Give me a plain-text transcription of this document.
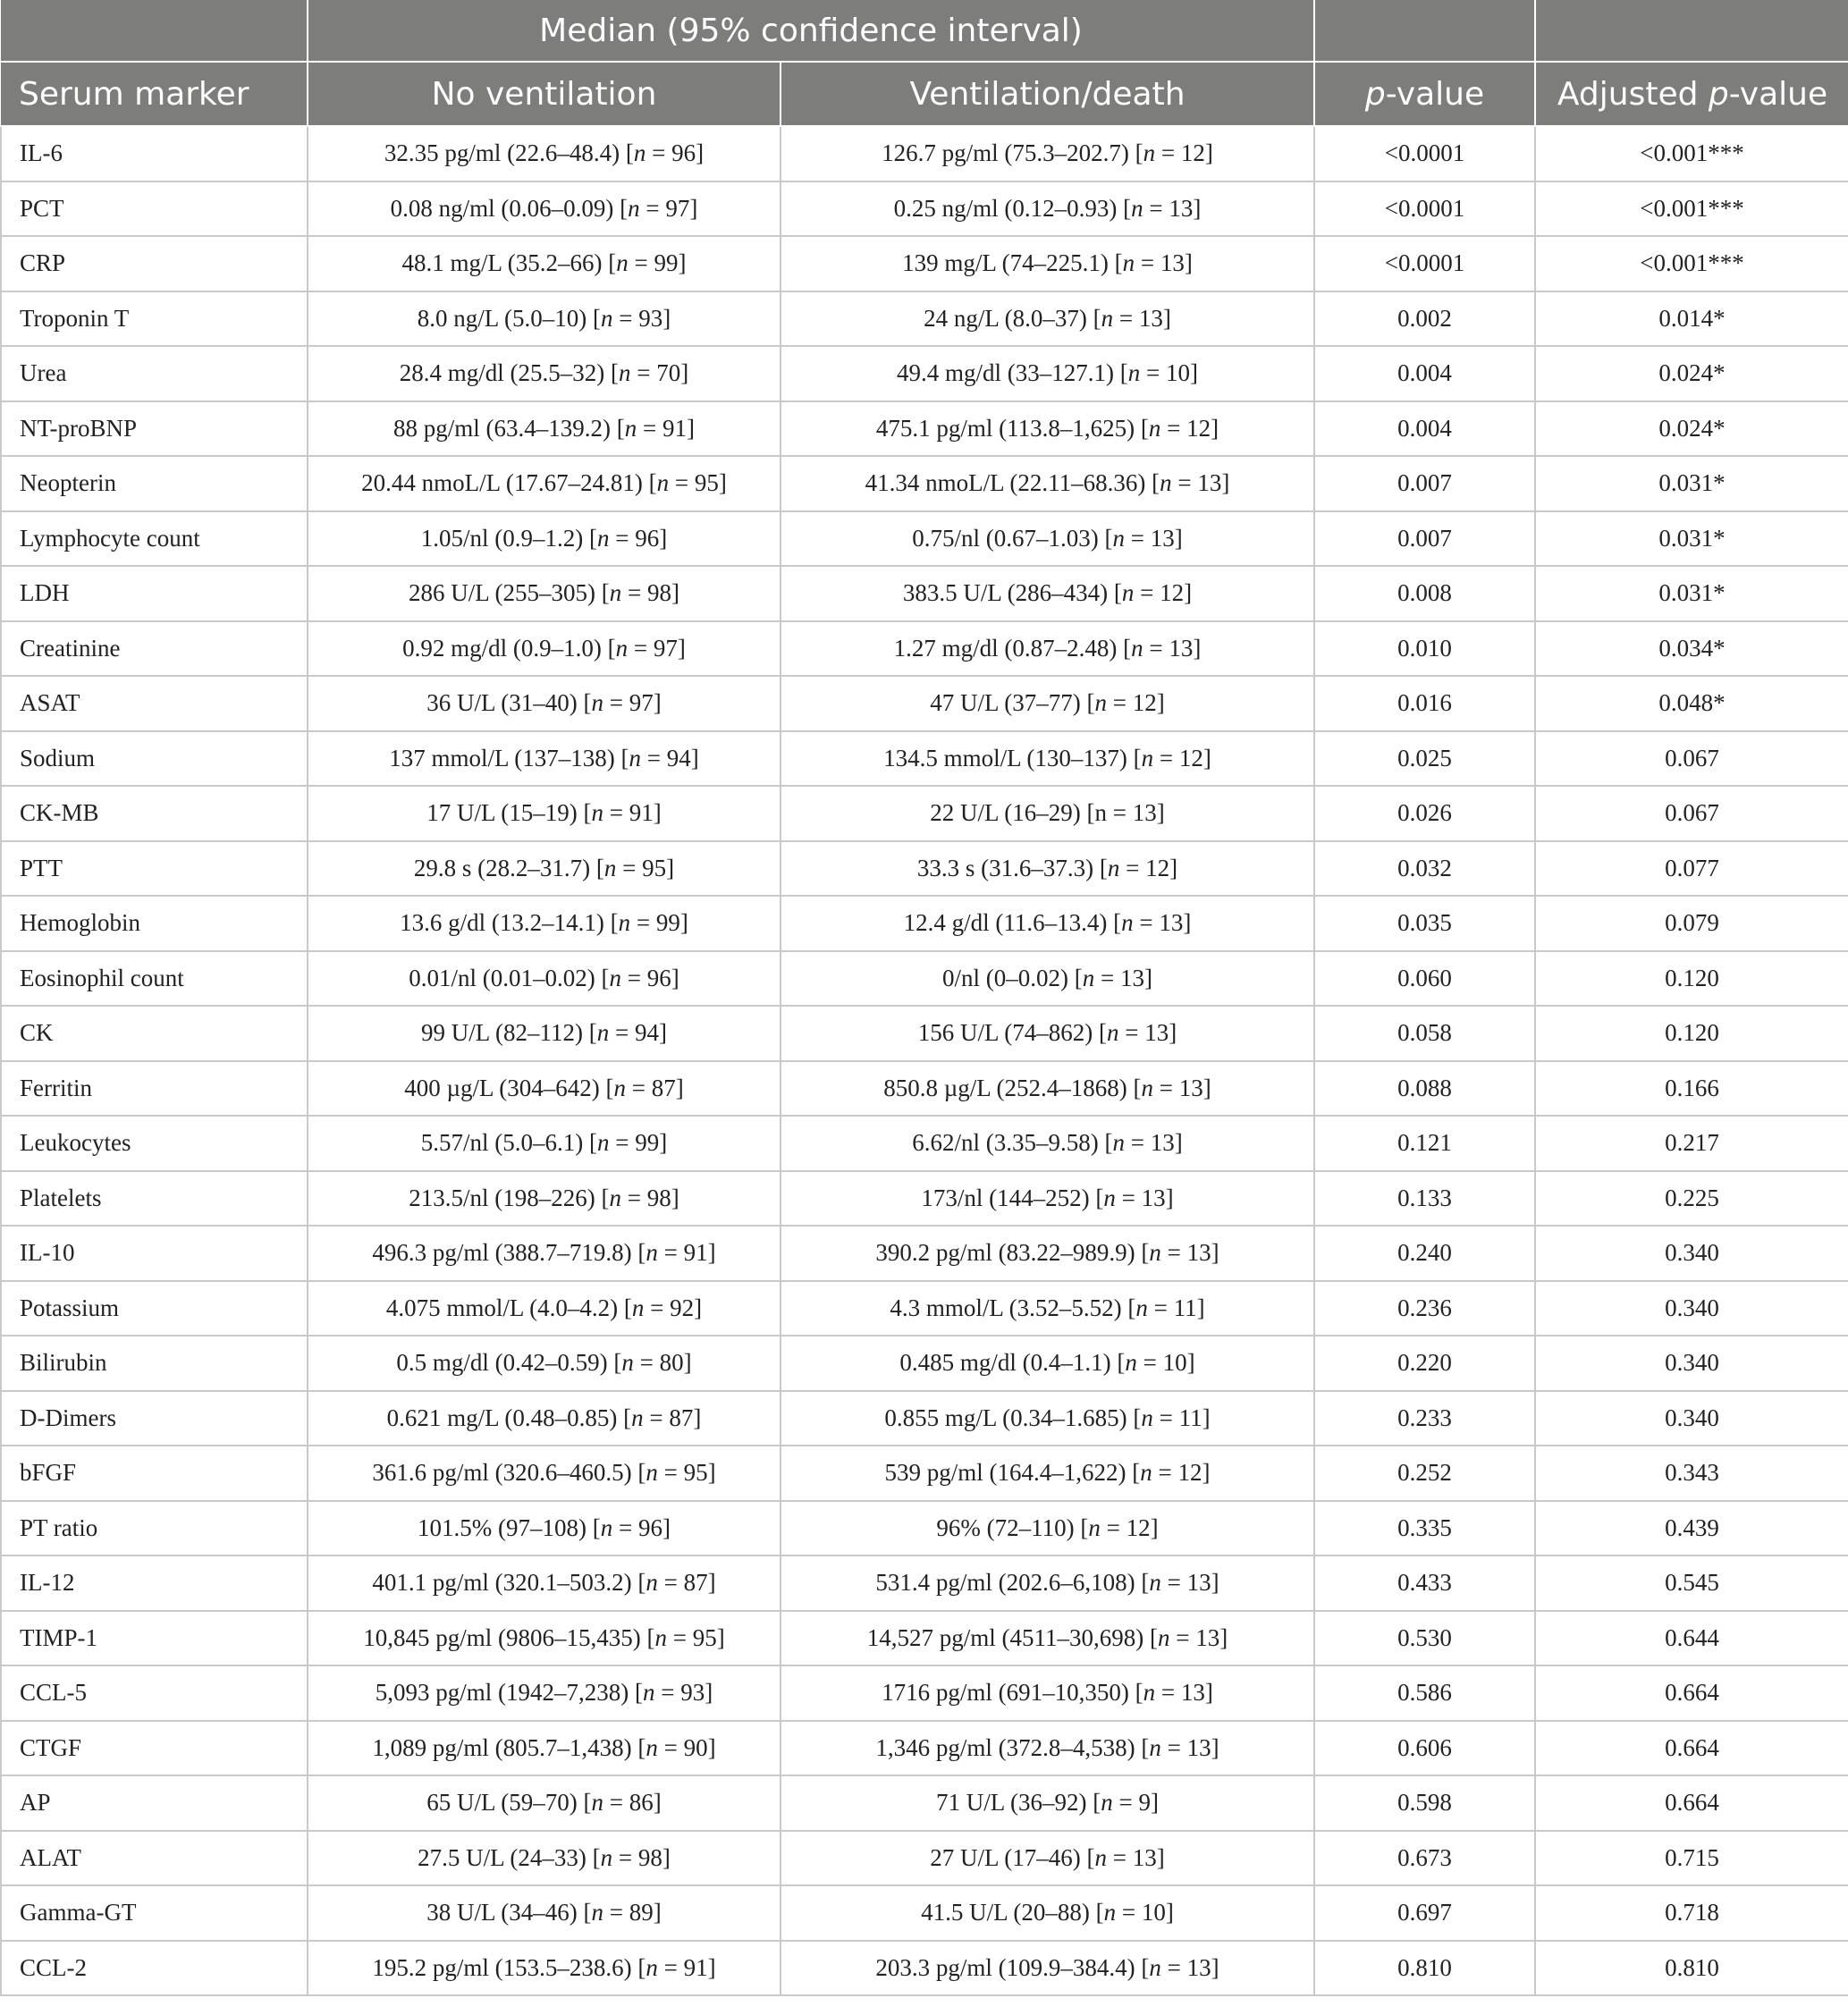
	Median (95% confidence interval)			
Serum marker	No ventilation	Ventilation/death	p-value	Adjusted p-value
IL-6	32.35 pg/ml (22.6–48.4) [n = 96]	126.7 pg/ml (75.3–202.7) [n = 12]	<0.0001	<0.001***
PCT	0.08 ng/ml (0.06–0.09) [n = 97]	0.25 ng/ml (0.12–0.93) [n = 13]	<0.0001	<0.001***
CRP	48.1 mg/L (35.2–66) [n = 99]	139 mg/L (74–225.1) [n = 13]	<0.0001	<0.001***
Troponin T	8.0 ng/L (5.0–10) [n = 93]	24 ng/L (8.0–37) [n = 13]	0.002	0.014*
Urea	28.4 mg/dl (25.5–32) [n = 70]	49.4 mg/dl (33–127.1) [n = 10]	0.004	0.024*
NT-proBNP	88 pg/ml (63.4–139.2) [n = 91]	475.1 pg/ml (113.8–1,625) [n = 12]	0.004	0.024*
Neopterin	20.44 nmoL/L (17.67–24.81) [n = 95]	41.34 nmoL/L (22.11–68.36) [n = 13]	0.007	0.031*
Lymphocyte count	1.05/nl (0.9–1.2) [n = 96]	0.75/nl (0.67–1.03) [n = 13]	0.007	0.031*
LDH	286 U/L (255–305) [n = 98]	383.5 U/L (286–434) [n = 12]	0.008	0.031*
Creatinine	0.92 mg/dl (0.9–1.0) [n = 97]	1.27 mg/dl (0.87–2.48) [n = 13]	0.010	0.034*
ASAT	36 U/L (31–40) [n = 97]	47 U/L (37–77) [n = 12]	0.016	0.048*
Sodium	137 mmol/L (137–138) [n = 94]	134.5 mmol/L (130–137) [n = 12]	0.025	0.067
CK-MB	17 U/L (15–19) [n = 91]	22 U/L (16–29) [n = 13]	0.026	0.067
PTT	29.8 s (28.2–31.7) [n = 95]	33.3 s (31.6–37.3) [n = 12]	0.032	0.077
Hemoglobin	13.6 g/dl (13.2–14.1) [n = 99]	12.4 g/dl (11.6–13.4) [n = 13]	0.035	0.079
Eosinophil count	0.01/nl (0.01–0.02) [n = 96]	0/nl (0–0.02) [n = 13]	0.060	0.120
CK	99 U/L (82–112) [n = 94]	156 U/L (74–862) [n = 13]	0.058	0.120
Ferritin	400 µg/L (304–642) [n = 87]	850.8 µg/L (252.4–1868) [n = 13]	0.088	0.166
Leukocytes	5.57/nl (5.0–6.1) [n = 99]	6.62/nl (3.35–9.58) [n = 13]	0.121	0.217
Platelets	213.5/nl (198–226) [n = 98]	173/nl (144–252) [n = 13]	0.133	0.225
IL-10	496.3 pg/ml (388.7–719.8) [n = 91]	390.2 pg/ml (83.22–989.9) [n = 13]	0.240	0.340
Potassium	4.075 mmol/L (4.0–4.2) [n = 92]	4.3 mmol/L (3.52–5.52) [n = 11]	0.236	0.340
Bilirubin	0.5 mg/dl (0.42–0.59) [n = 80]	0.485 mg/dl (0.4–1.1) [n = 10]	0.220	0.340
D-Dimers	0.621 mg/L (0.48–0.85) [n = 87]	0.855 mg/L (0.34–1.685) [n = 11]	0.233	0.340
bFGF	361.6 pg/ml (320.6–460.5) [n = 95]	539 pg/ml (164.4–1,622) [n = 12]	0.252	0.343
PT ratio	101.5% (97–108) [n = 96]	96% (72–110) [n = 12]	0.335	0.439
IL-12	401.1 pg/ml (320.1–503.2) [n = 87]	531.4 pg/ml (202.6–6,108) [n = 13]	0.433	0.545
TIMP-1	10,845 pg/ml (9806–15,435) [n = 95]	14,527 pg/ml (4511–30,698) [n = 13]	0.530	0.644
CCL-5	5,093 pg/ml (1942–7,238) [n = 93]	1716 pg/ml (691–10,350) [n = 13]	0.586	0.664
CTGF	1,089 pg/ml (805.7–1,438) [n = 90]	1,346 pg/ml (372.8–4,538) [n = 13]	0.606	0.664
AP	65 U/L (59–70) [n = 86]	71 U/L (36–92) [n = 9]	0.598	0.664
ALAT	27.5 U/L (24–33) [n = 98]	27 U/L (17–46) [n = 13]	0.673	0.715
Gamma-GT	38 U/L (34–46) [n = 89]	41.5 U/L (20–88) [n = 10]	0.697	0.718
CCL-2	195.2 pg/ml (153.5–238.6) [n = 91]	203.3 pg/ml (109.9–384.4) [n = 13]	0.810	0.810
